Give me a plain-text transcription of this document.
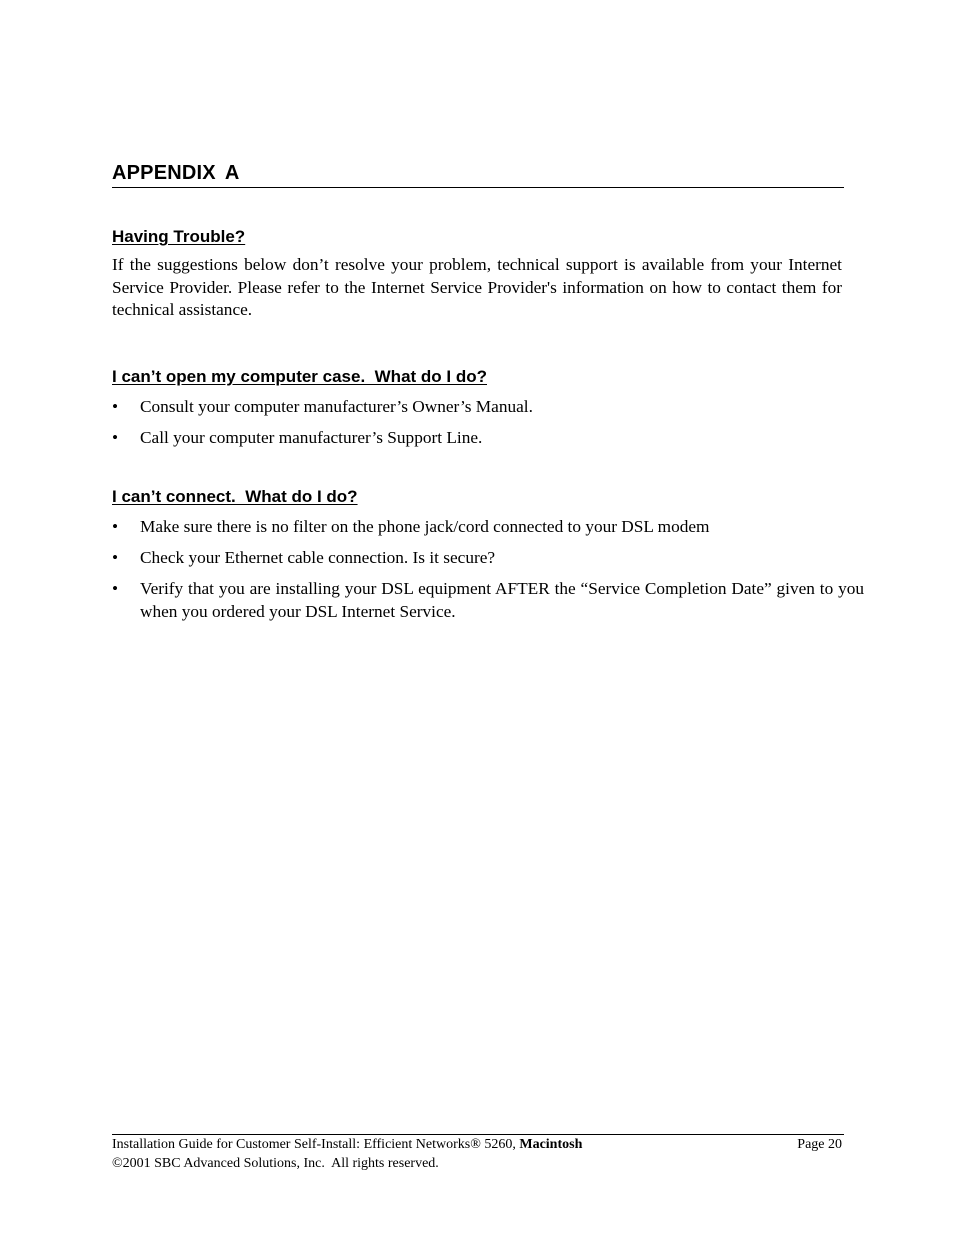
APPENDIX A
Having Trouble?
If the suggestions below don’t resolve your problem, technical support is available from your Internet Service Provider. Please refer to the Internet Service Provider's information on how to contact them for technical assistance.
I can’t open my computer case.  What do I do?
•	Consult your computer manufacturer’s Owner’s Manual.
•	Call your computer manufacturer’s Support Line.
I can’t connect.  What do I do?
•	Make sure there is no filter on the phone jack/cord connected to your DSL modem
•	Check your Ethernet cable connection. Is it secure?
•	Verify that you are installing your DSL equipment AFTER the “Service Completion Date” given to you when you ordered your DSL Internet Service.
Installation Guide for Customer Self-Install: Efficient Networks® 5260, Macintosh	Page 20
©2001 SBC Advanced Solutions, Inc.  All rights reserved.
